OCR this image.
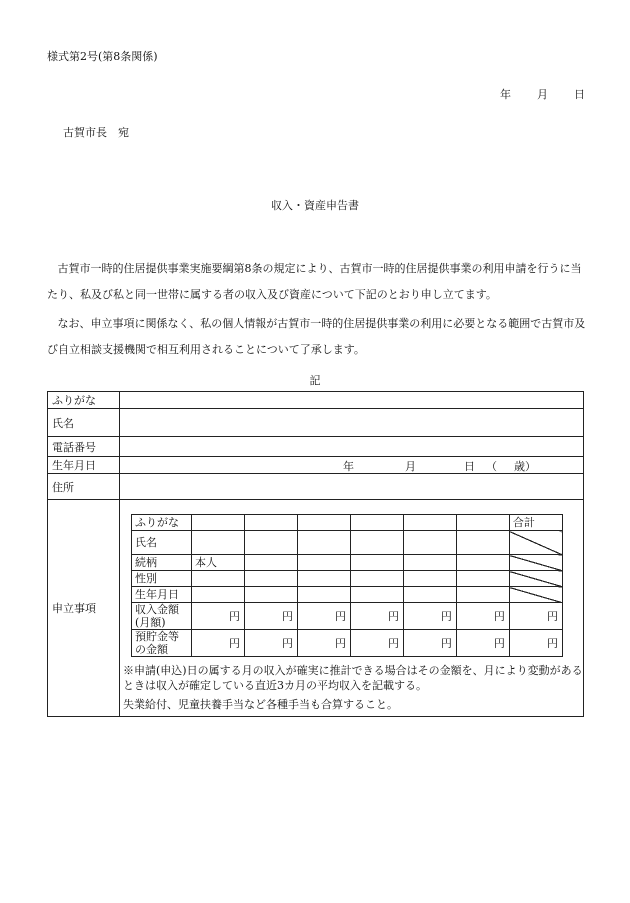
様式第2号(第8条関係)
年 月 日
古賀市長　宛
収入・資産申告書
古賀市一時的住居提供事業実施要綱第8条の規定により、古賀市一時的住居提供事業の利用申請を行うに当たり、私及び私と同一世帯に属する者の収入及び資産について下記のとおり申し立てます。
なお、申立事項に関係なく、私の個人情報が古賀市一時的住居提供事業の利用に必要となる範囲で古賀市及び自立相談支援機関で相互利用されることについて了承します。
記
ふりがな	
氏名	
電話番号	
生年月日	年	月	日 （ 歳）

住所	
申立事項	
ふりがな							合計
氏名							
続柄	本人						
性別							
生年月日							
収入金額
(月額)	円	円	円	円	円	円	円
預貯金等
の金額	円	円	円	円	円	円	円
※申請(申込)日の属する月の収入が確実に推計できる場合はその金額を、月により変動があるときは収入が確定している直近3カ月の平均収入を記載する。
失業給付、児童扶養手当など各種手当も合算すること。
